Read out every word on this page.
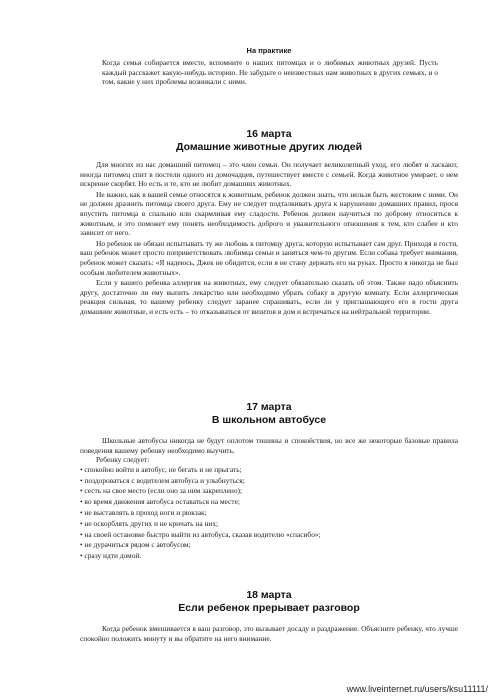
На практике

Когда семья собирается вместе, вспомните о наших питомцах и о любимых животных друзей. Пусть каждый расскажет какую-нибудь историю. Не забудьте о неизвестных нам животных в других семьях, и о том, какие у них проблемы возникали с ними.

16 марта
Домашние животные других людей

Для многих из нас домашний питомец – это член семьи. Он получает великолепный уход, его любят и ласкают, иногда питомец спит в постели одного из домочадцев, путешествует вместе с семьей. Когда животное умирает, о нем искренне скорбят. Но есть и те, кто не любит домашних животных.

Не важно, как в вашей семье относятся к животным, ребенок должен знать, что нельзя быть жестоким с ними. Он не должен дразнить питомца своего друга. Ему не следует подталкивать друга к нарушению домашних правил, прося впустить питомца в спальню или скармливая ему сладости. Ребенок должен научиться по доброму относиться к животным, и это поможет ему понять необходимость доброго и уважительного отношения к тем, кто слабее и кто зависит от него.

Но ребенок не обязан испытывать ту же любовь к питомцу друга, которую испытывает сам друг. Приходя в гости, ваш ребенок может просто поприветствовать любимца семьи и заняться чем-то другим. Если собака требует внимания, ребенок может сказать: «Я надеюсь, Джек не обидится, если я не стану держать его на руках. Просто я никогда не был особым любителем животных».

Если у вашего ребенка аллергия на животных, ему следует обязательно сказать об этом. Также надо объяснить другу, достаточно ли ему выпить лекарство или необходимо убрать собаку в другую комнату. Если аллергическая реакция сильная, то вашему ребенку следует заранее спрашивать, если ли у приглашающего его в гости друга домашние животные, и есть есть – то отказываться от визитов в дом и встречаться на нейтральной территории.

17 марта
В школьном автобусе

Школьные автобусы никогда не будут оплотом тишины и спокойствия, но все же некоторые базовые правила поведения вашему ребенку необходимо выучить.

Ребенку следует:

• спокойно войти в автобус, не бегать и не прыгать;
• поздороваться с водителем автобуса и улыбнуться;
• сесть на свое место (если оно за ним закреплено);
• во время движения автобуса оставаться на месте;
• не выставлять в проход ноги и рюкзак;
• не оскорблять других и не кричать на них;
• на своей остановке быстро выйти из автобуса, сказав водителю «спасибо»;
• не дурачиться рядом с автобусом;
• сразу идти домой.
18 марта
Если ребенок прерывает разговор

Когда ребенок вмешивается в ваш разговор, это вызывает досаду и раздражение. Объясните ребенку, что лучше спокойно положить минуту и вы обратите на него внимание.

www.liveinternet.ru/users/ksu11111/
